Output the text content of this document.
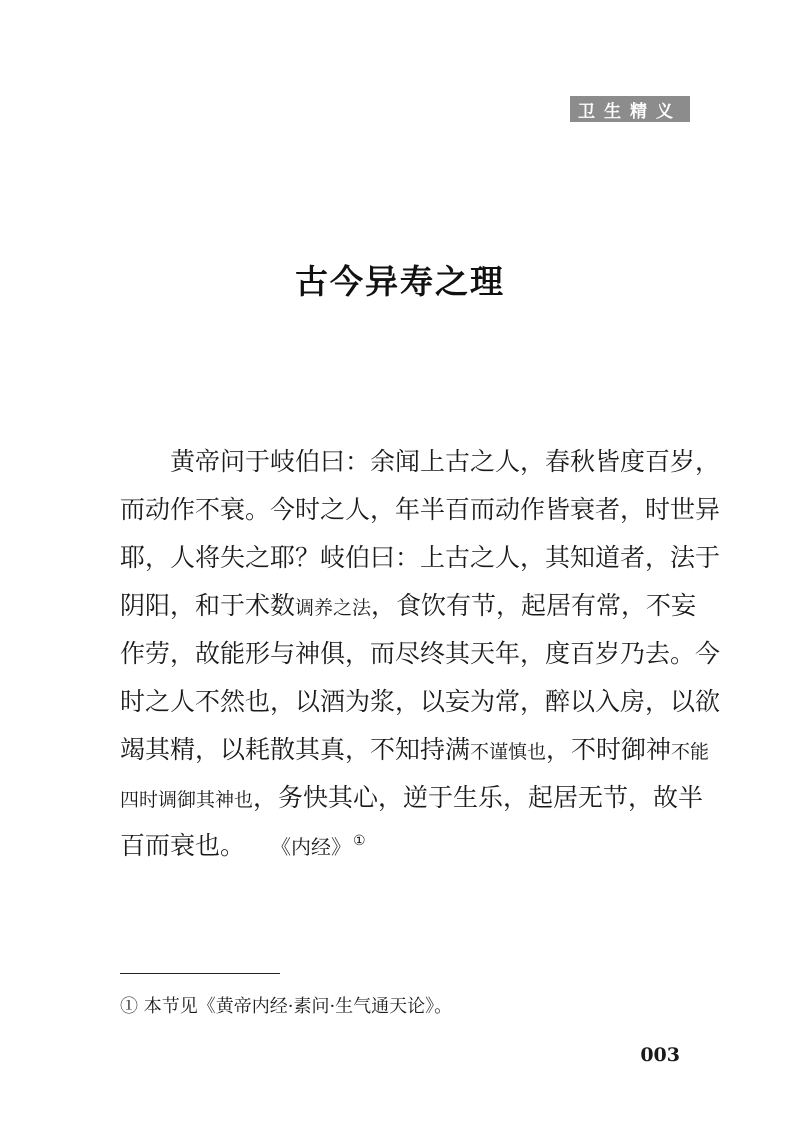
卫生精义
古今异寿之理
黄帝问于岐伯曰：余闻上古之人，春秋皆度百岁，
而动作不衰。今时之人，年半百而动作皆衰者，时世异
耶，人将失之耶？岐伯曰：上古之人，其知道者，法于
阴阳，和于术数调养之法，食饮有节，起居有常，不妄
作劳，故能形与神俱，而尽终其天年，度百岁乃去。今
时之人不然也，以酒为浆，以妄为常，醉以入房，以欲
竭其精，以耗散其真，不知持满不谨慎也，不时御神不能
四时调御其神也，务快其心，逆于生乐，起居无节，故半
百而衰也。 《内经》 ①
① 本节见《黄帝内经·素问·生气通天论》。
003
